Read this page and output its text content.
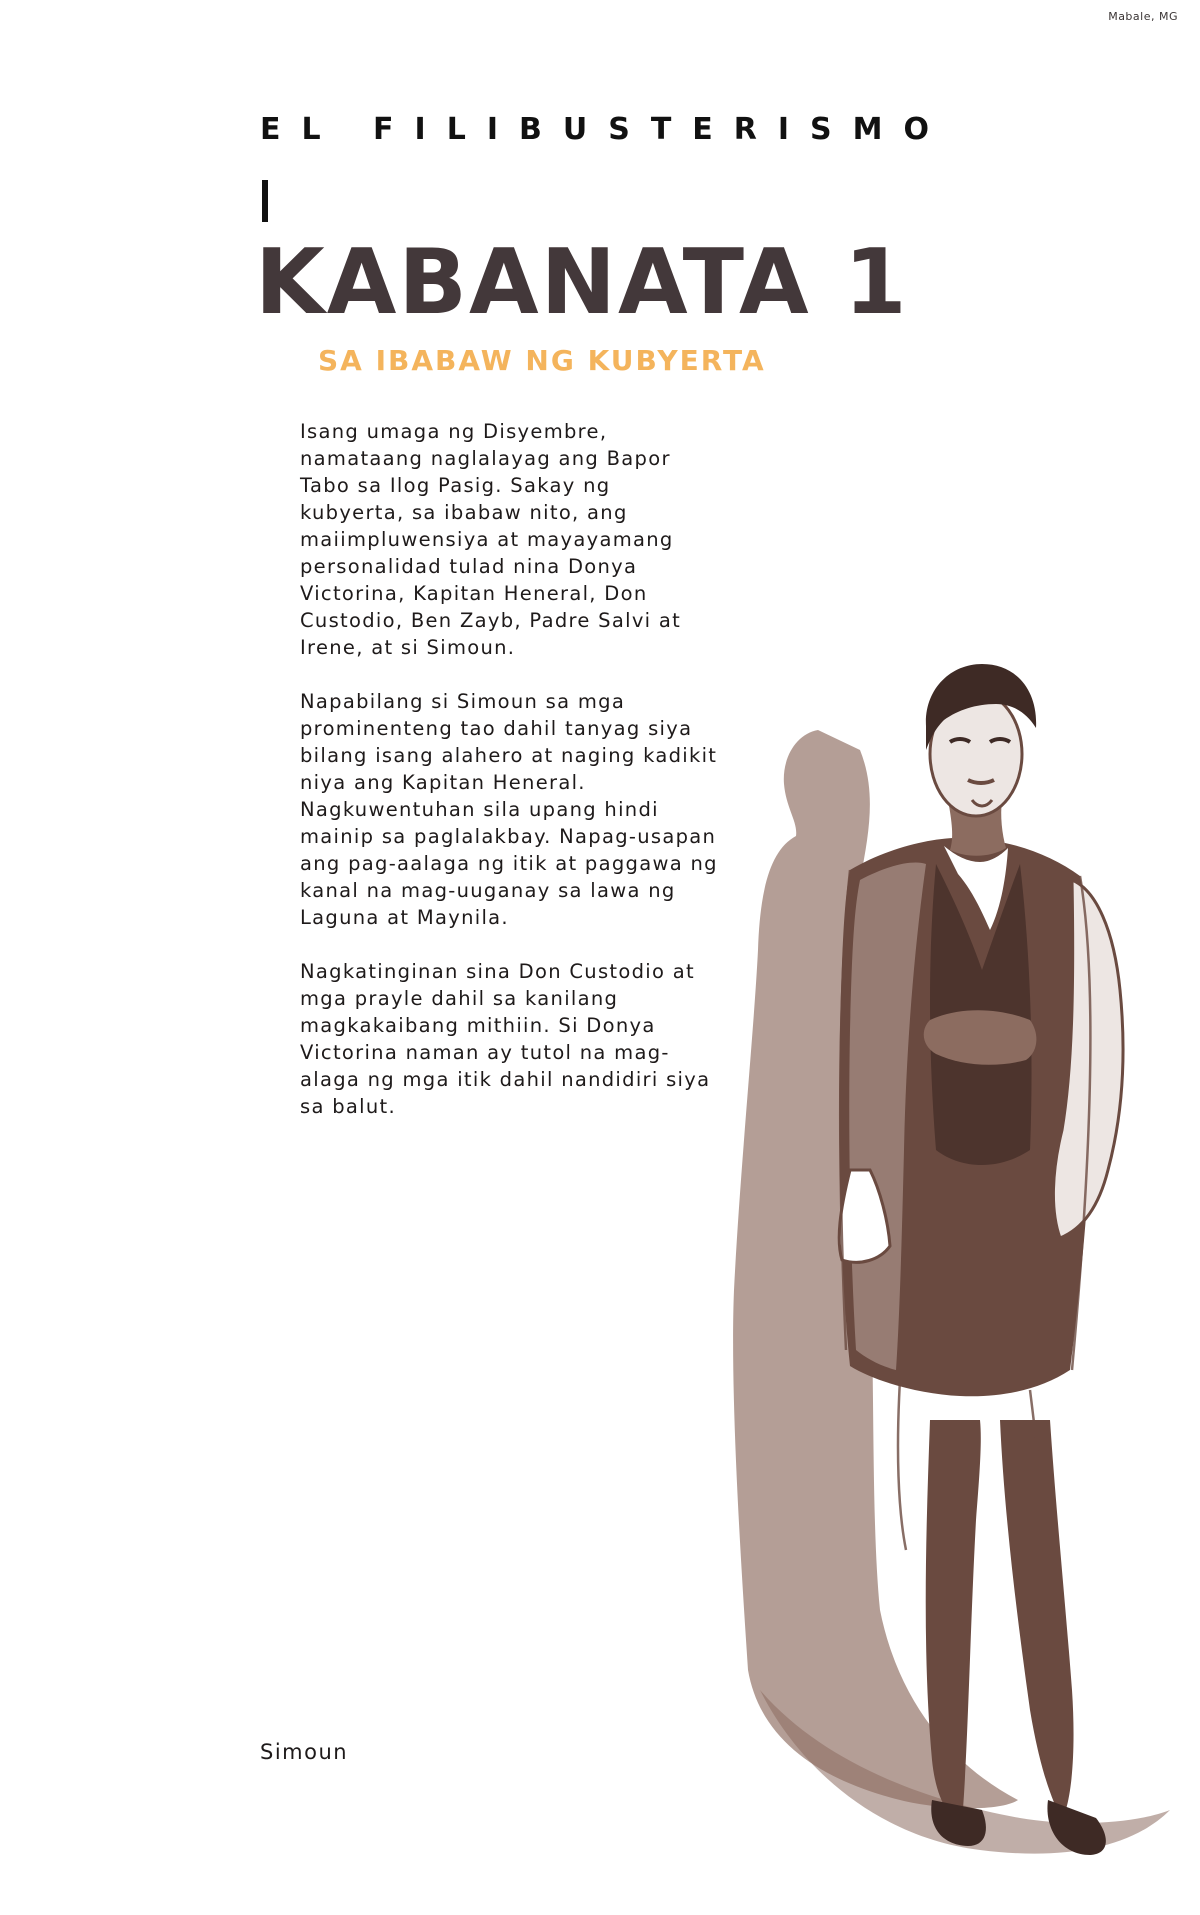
Mabale, MG
EL FILIBUSTERISMO
KABANATA 1
SA IBABAW NG KUBYERTA

Isang umaga ng Disyembre, namataang naglalayag ang Bapor Tabo sa Ilog Pasig. Sakay ng kubyerta, sa ibabaw nito, ang maiimpluwensiya at mayayamang personalidad tulad nina Donya Victorina, Kapitan Heneral, Don Custodio, Ben Zayb, Padre Salvi at Irene, at si Simoun.

Napabilang si Simoun sa mga prominenteng tao dahil tanyag siya bilang isang alahero at naging kadikit niya ang Kapitan Heneral. Nagkuwentuhan sila upang hindi mainip sa paglalakbay. Napag-usapan ang pag-aalaga ng itik at paggawa ng kanal na mag-uuganay sa lawa ng Laguna at Maynila.

Nagkatinginan sina Don Custodio at mga prayle dahil sa kanilang magkakaibang mithiin. Si Donya Victorina naman ay tutol na mag-alaga ng mga itik dahil nandidiri siya sa balut.

Simoun
